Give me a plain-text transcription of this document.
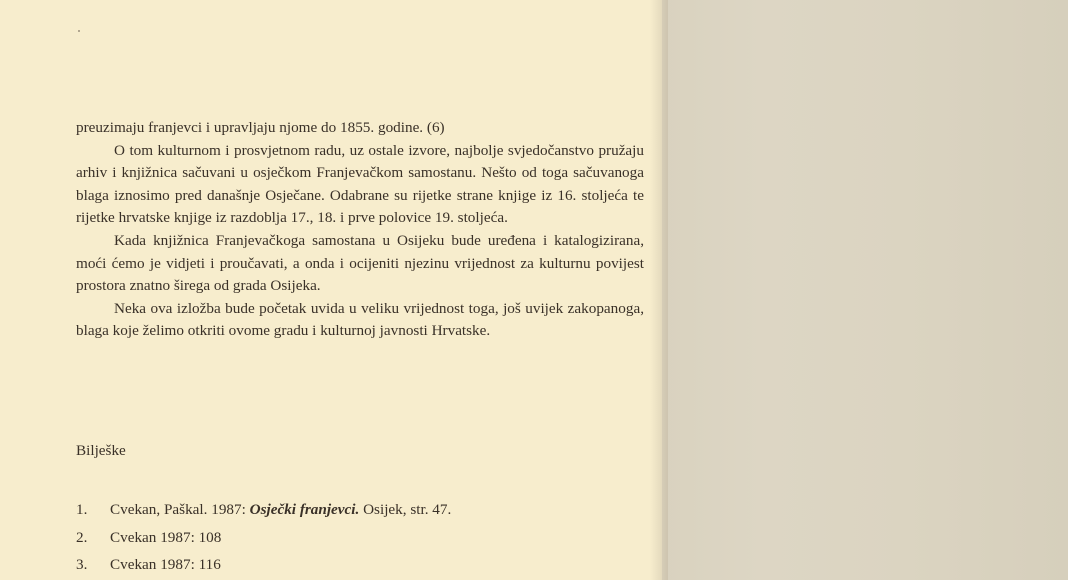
preuzimaju franjevci i upravljaju njome do 1855. godine. (6)

O tom kulturnom i prosvjetnom radu, uz ostale izvore, najbolje svjedočanstvo pružaju arhiv i knjižnica sačuvani u osječkom Franjevačkom samostanu. Nešto od toga sačuvanoga blaga iznosimo pred današnje Osječane. Odabrane su rijetke strane knjige iz 16. stoljeća te rijetke hrvatske knjige iz razdoblja 17., 18. i prve polovice 19. stoljeća.

Kada knjižnica Franjevačkoga samostana u Osijeku bude uređena i katalogizirana, moći ćemo je vidjeti i proučavati, a onda i ocijeniti njezinu vrijednost za kulturnu povijest prostora znatno širega od grada Osijeka.

Neka ova izložba bude početak uvida u veliku vrijednost toga, još uvijek zakopanoga, blaga koje želimo otkriti ovome gradu i kulturnoj javnosti Hrvatske.

Bilješke
1. Cvekan, Paškal. 1987: Osječki franjevci. Osijek, str. 47.
2. Cvekan 1987: 108
3. Cvekan 1987: 116
